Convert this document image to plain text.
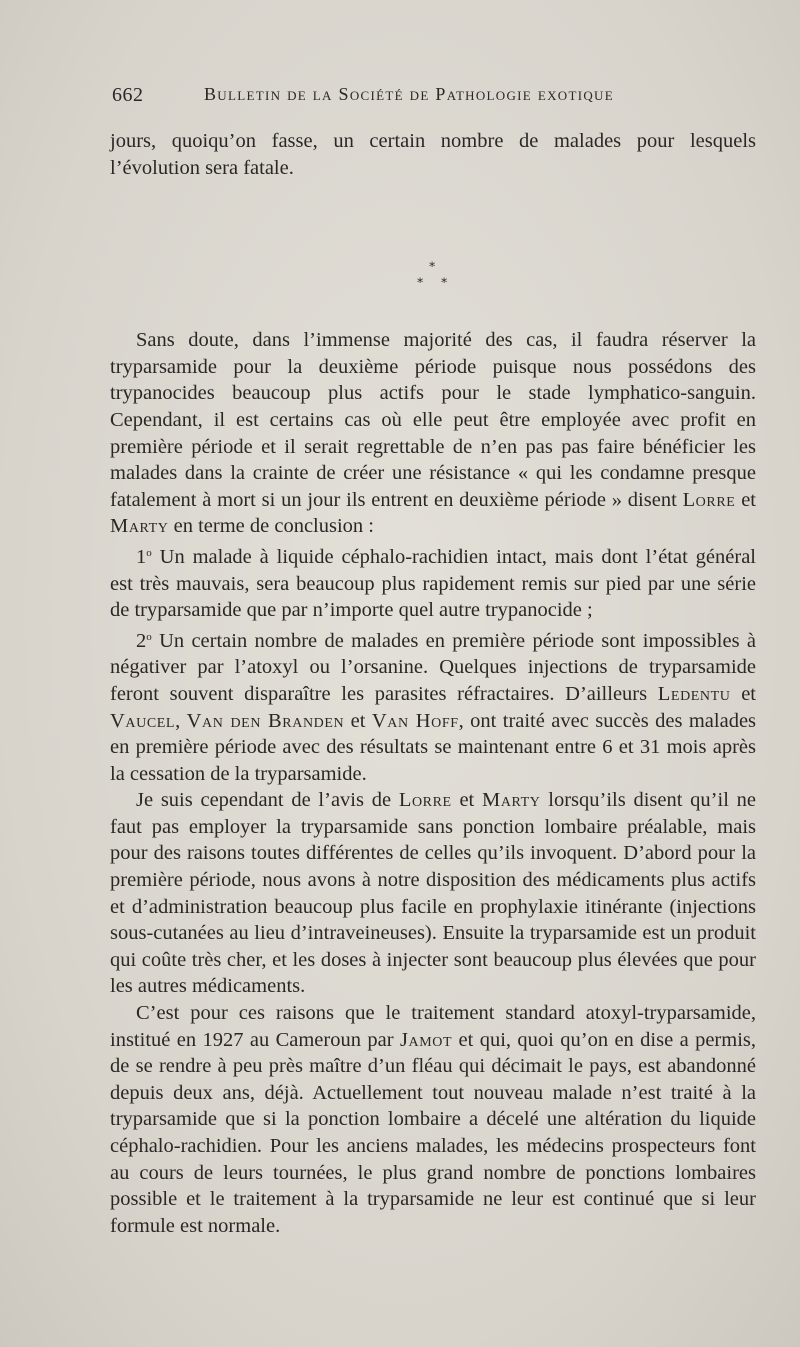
662	Bulletin de la Société de Pathologie exotique

jours, quoiqu’on fasse, un certain nombre de malades pour lesquels l’évolution sera fatale.

∗
∗ ∗

Sans doute, dans l’immense majorité des cas, il faudra réserver la tryparsamide pour la deuxième période puisque nous possédons des trypanocides beaucoup plus actifs pour le stade lymphatico-sanguin. Cependant, il est certains cas où elle peut être employée avec profit en première période et il serait regrettable de n’en pas pas faire bénéficier les malades dans la crainte de créer une résistance « qui les condamne presque fatalement à mort si un jour ils entrent en deuxième période » disent Lorre et Marty en terme de conclusion :

1$^o$ Un malade à liquide céphalo-rachidien intact, mais dont l’état général est très mauvais, sera beaucoup plus rapidement remis sur pied par une série de tryparsamide que par n’importe quel autre trypanocide ;

2$^o$ Un certain nombre de malades en première période sont impossibles à négativer par l’atoxyl ou l’orsanine. Quelques injections de tryparsamide feront souvent disparaître les parasites réfractaires. D’ailleurs Ledentu et Vaucel, Van den Branden et Van Hoff, ont traité avec succès des malades en première période avec des résultats se maintenant entre 6 et 31 mois après la cessation de la tryparsamide.

Je suis cependant de l’avis de Lorre et Marty lorsqu’ils disent qu’il ne faut pas employer la tryparsamide sans ponction lombaire préalable, mais pour des raisons toutes différentes de celles qu’ils invoquent. D’abord pour la première période, nous avons à notre disposition des médicaments plus actifs et d’administration beaucoup plus facile en prophylaxie itinérante (injections sous-cutanées au lieu d’intraveineuses). Ensuite la tryparsamide est un produit qui coûte très cher, et les doses à injecter sont beaucoup plus élevées que pour les autres médicaments.

C’est pour ces raisons que le traitement standard atoxyl-tryparsamide, institué en 1927 au Cameroun par Jamot et qui, quoi qu’on en dise a permis, de se rendre à peu près maître d’un fléau qui décimait le pays, est abandonné depuis deux ans, déjà. Actuellement tout nouveau malade n’est traité à la tryparsamide que si la ponction lombaire a décelé une altération du liquide céphalo-rachidien. Pour les anciens malades, les médecins prospecteurs font au cours de leurs tournées, le plus grand nombre de ponctions lombaires possible et le traitement à la tryparsamide ne leur est continué que si leur formule est normale.
